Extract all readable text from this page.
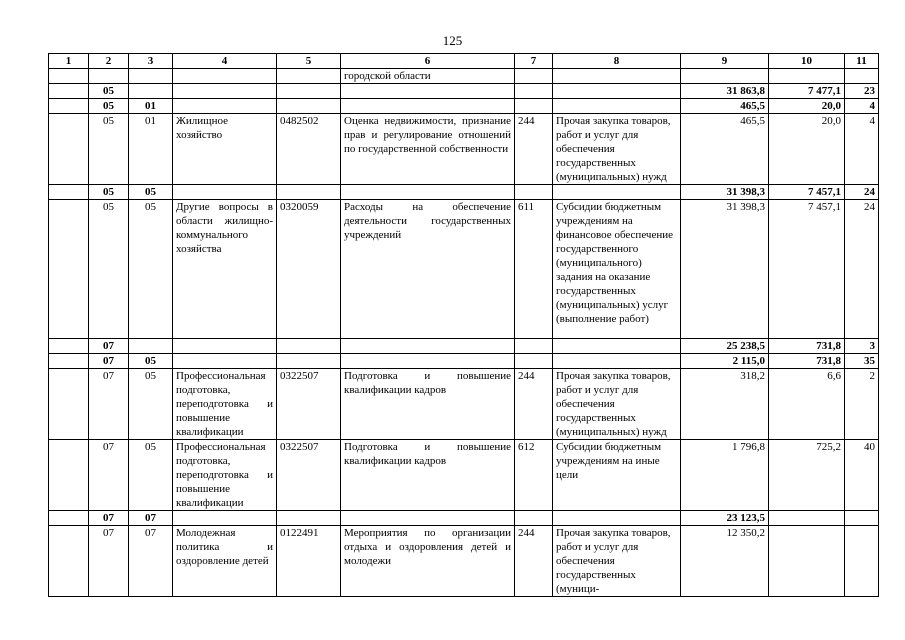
125
1	2	3	4	5	6	7	8	9	10	11
					городской области					
	05							31 863,8	7 477,1	23
	05	01						465,5	20,0	4
	05	01	Жилищное хозяйство	0482502	Оценка недвижимости, признание прав и регулирование отношений по государственной собственности	244	Прочая закупка товаров, работ и услуг для обеспечения государственных (муниципальных) нужд	465,5	20,0	4
	05	05						31 398,3	7 457,1	24
	05	05	Другие вопросы в области жилищно-коммунального хозяйства	0320059	Расходы на обеспечение деятельности государственных учреждений	611	Субсидии бюджетным учреждениям на финансовое обеспечение государственного (муниципального) задания на оказание государственных (муниципальных) услуг (выполнение работ)	31 398,3	7 457,1	24
	07							25 238,5	731,8	3
	07	05						2 115,0	731,8	35
	07	05	Профессиональная подготовка, переподготовка и повышение квалификации	0322507	Подготовка и повышение квалификации кадров	244	Прочая закупка товаров, работ и услуг для обеспечения государственных (муниципальных) нужд	318,2	6,6	2
	07	05	Профессиональная подготовка, переподготовка и повышение квалификации	0322507	Подготовка и повышение квалификации кадров	612	Субсидии бюджетным учреждениям на иные цели	1 796,8	725,2	40
	07	07						23 123,5		
	07	07	Молодежная политика и оздоровление детей	0122491	Мероприятия по организации отдыха и оздоровления детей и молодежи	244	Прочая закупка товаров, работ и услуг для обеспечения государственных (муници-	12 350,2		
